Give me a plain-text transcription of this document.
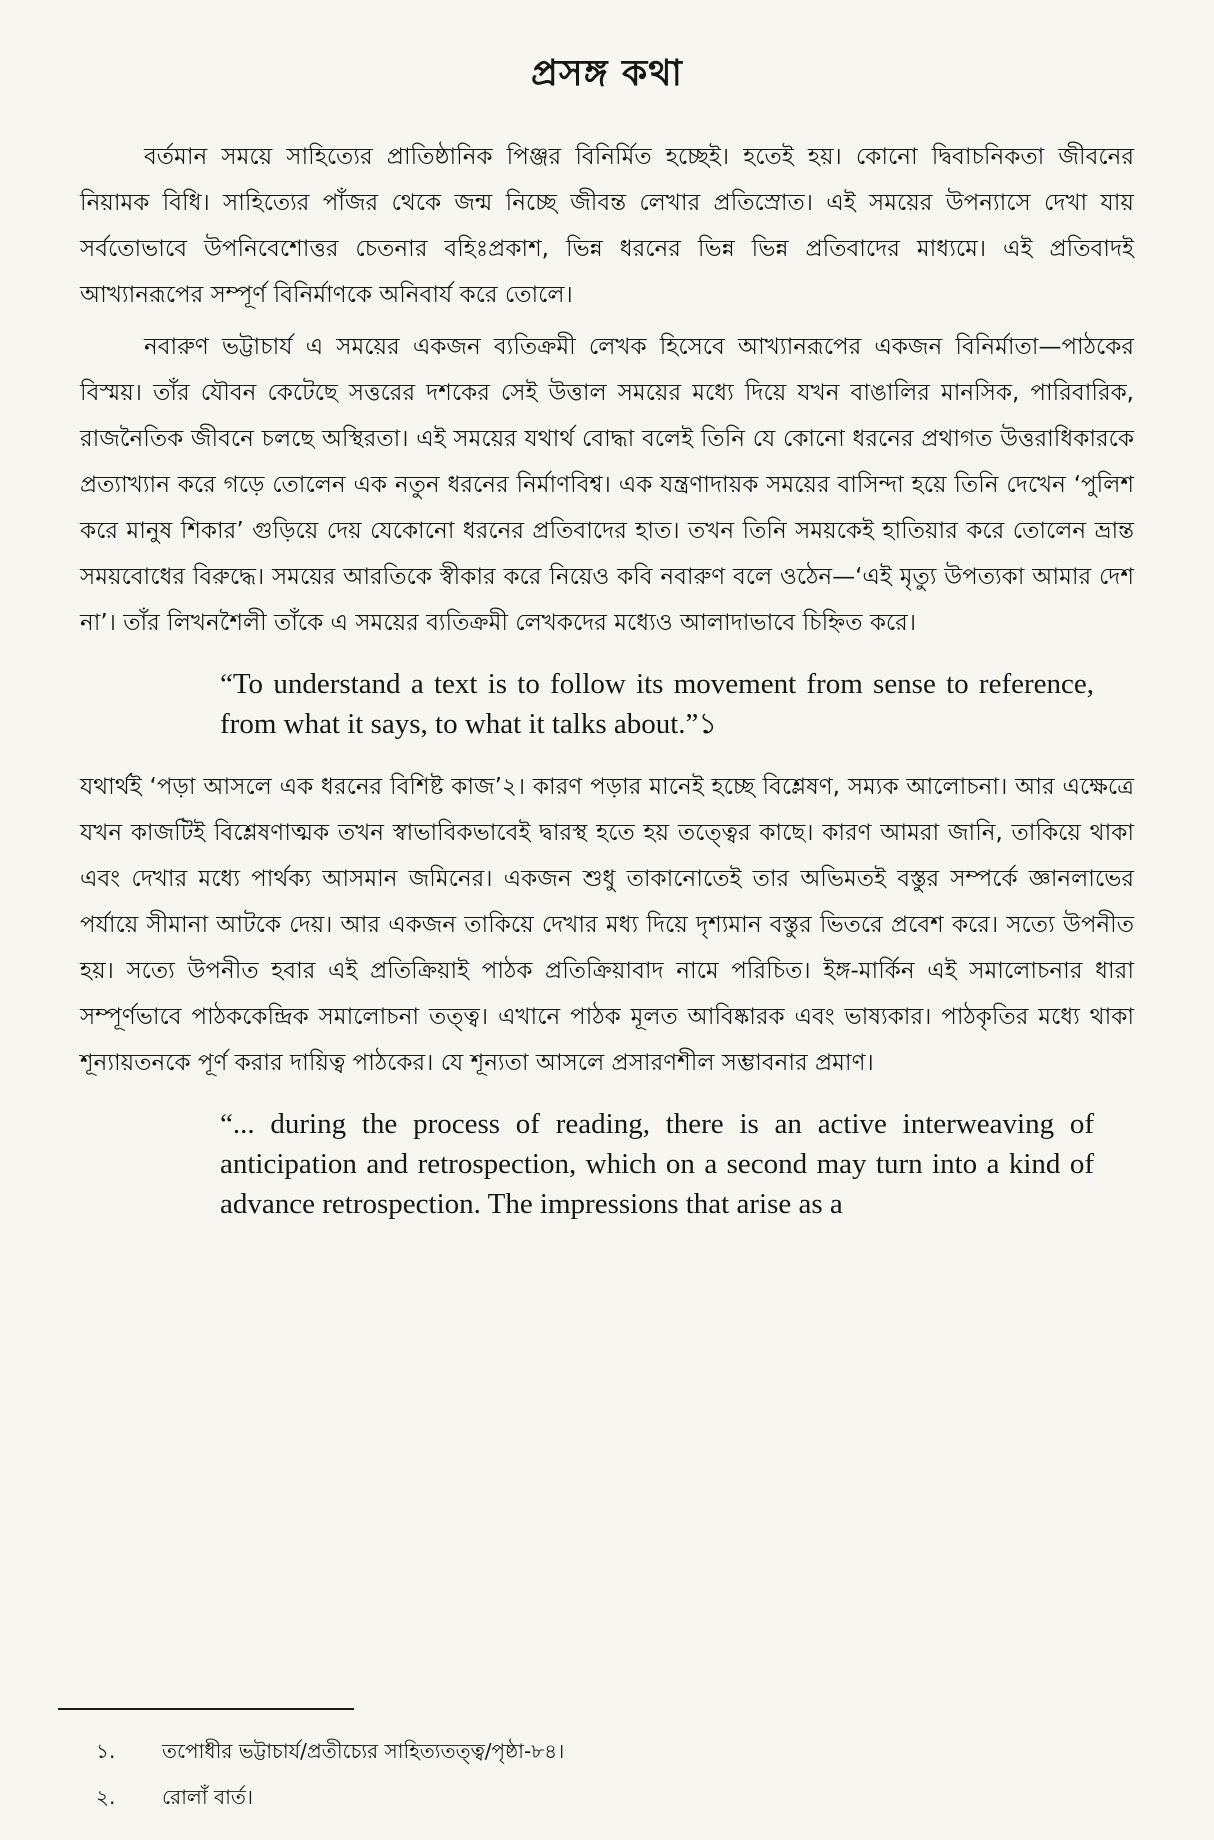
প্রসঙ্গ কথা

বর্তমান সময়ে সাহিত্যের প্রাতিষ্ঠানিক পিঞ্জর বিনির্মিত হচ্ছেই। হতেই হয়। কোনো দ্বিবাচনিকতা জীবনের নিয়ামক বিধি। সাহিত্যের পাঁজর থেকে জন্ম নিচ্ছে জীবন্ত লেখার প্রতিস্রোত। এই সময়ের উপন্যাসে দেখা যায় সর্বতোভাবে উপনিবেশোত্তর চেতনার বহিঃপ্রকাশ, ভিন্ন ধরনের ভিন্ন ভিন্ন প্রতিবাদের মাধ্যমে। এই প্রতিবাদই আখ্যানরূপের সম্পূর্ণ বিনির্মাণকে অনিবার্য করে তোলে।

নবারুণ ভট্টাচার্য এ সময়ের একজন ব্যতিক্রমী লেখক হিসেবে আখ্যানরূপের একজন বিনির্মাতা—পাঠকের বিস্ময়। তাঁর যৌবন কেটেছে সত্তরের দশকের সেই উত্তাল সময়ের মধ্যে দিয়ে যখন বাঙালির মানসিক, পারিবারিক, রাজনৈতিক জীবনে চলছে অস্থিরতা। এই সময়ের যথার্থ বোদ্ধা বলেই তিনি যে কোনো ধরনের প্রথাগত উত্তরাধিকারকে প্রত্যাখ্যান করে গড়ে তোলেন এক নতুন ধরনের নির্মাণবিশ্ব। এক যন্ত্রণাদায়ক সময়ের বাসিন্দা হয়ে তিনি দেখেন ‘পুলিশ করে মানুষ শিকার’ গুড়িয়ে দেয় যেকোনো ধরনের প্রতিবাদের হাত। তখন তিনি সময়কেই হাতিয়ার করে তোলেন ভ্রান্ত সময়বোধের বিরুদ্ধে। সময়ের আরতিকে স্বীকার করে নিয়েও কবি নবারুণ বলে ওঠেন—‘এই মৃত্যু উপত্যকা আমার দেশ না’। তাঁর লিখনশৈলী তাঁকে এ সময়ের ব্যতিক্রমী লেখকদের মধ্যেও আলাদাভাবে চিহ্নিত করে।

“To understand a text is to follow its movement from sense to reference, from what it says, to what it talks about.”১

যথার্থই ‘পড়া আসলে এক ধরনের বিশিষ্ট কাজ’২। কারণ পড়ার মানেই হচ্ছে বিশ্লেষণ, সম্যক আলোচনা। আর এক্ষেত্রে যখন কাজটিই বিশ্লেষণাত্মক তখন স্বাভাবিকভাবেই দ্বারস্থ হতে হয় তত্ত্বের কাছে। কারণ আমরা জানি, তাকিয়ে থাকা এবং দেখার মধ্যে পার্থক্য আসমান জমিনের। একজন শুধু তাকানোতেই তার অভিমতই বস্তুর সম্পর্কে জ্ঞানলাভের পর্যায়ে সীমানা আটকে দেয়। আর একজন তাকিয়ে দেখার মধ্য দিয়ে দৃশ্যমান বস্তুর ভিতরে প্রবেশ করে। সত্যে উপনীত হয়। সত্যে উপনীত হবার এই প্রতিক্রিয়াই পাঠক প্রতিক্রিয়াবাদ নামে পরিচিত। ইঙ্গ-মার্কিন এই সমালোচনার ধারা সম্পূর্ণভাবে পাঠককেন্দ্রিক সমালোচনা তত্ত্ব। এখানে পাঠক মূলত আবিষ্কারক এবং ভাষ্যকার। পাঠকৃতির মধ্যে থাকা শূন্যায়তনকে পূর্ণ করার দায়িত্ব পাঠকের। যে শূন্যতা আসলে প্রসারণশীল সম্ভাবনার প্রমাণ।

“... during the process of reading, there is an active interweaving of anticipation and retrospection, which on a second may turn into a kind of advance retrospection. The impressions that arise as a

১.	তপোধীর ভট্টাচার্য/প্রতীচ্যের সাহিত্যতত্ত্ব/পৃষ্ঠা-৮৪।
২.	রোলাঁ বার্ত।
